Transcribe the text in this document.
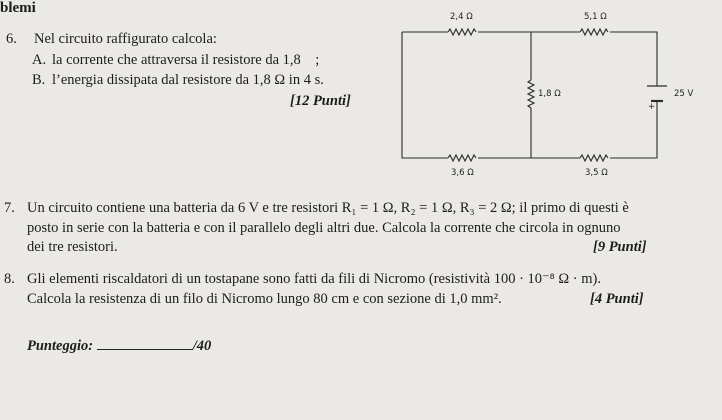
blemi
6. Nel circuito raffigurato calcola:
A. la corrente che attraversa il resistore da 1,8 ;
B. l’energia dissipata dal resistore da 1,8 Ω in 4 s.
[12 Punti]
2,4 Ω	5,1 Ω
1,8 Ω	25 V
+
3,6 Ω	3,5 Ω
7. Un circuito contiene una batteria da 6 V e tre resistori R₁ = 1 Ω, R₂ = 1 Ω, R₃ = 2 Ω; il primo di questi è
posto in serie con la batteria e con il parallelo degli altri due. Calcola la corrente che circola in ognuno
dei tre resistori.	[9 Punti]
8. Gli elementi riscaldatori di un tostapane sono fatti da fili di Nicromo (resistività 100 · 10⁻⁸ Ω · m).
Calcola la resistenza di un filo di Nicromo lungo 80 cm e con sezione di 1,0 mm².	[4 Punti]
Punteggio:	/40
